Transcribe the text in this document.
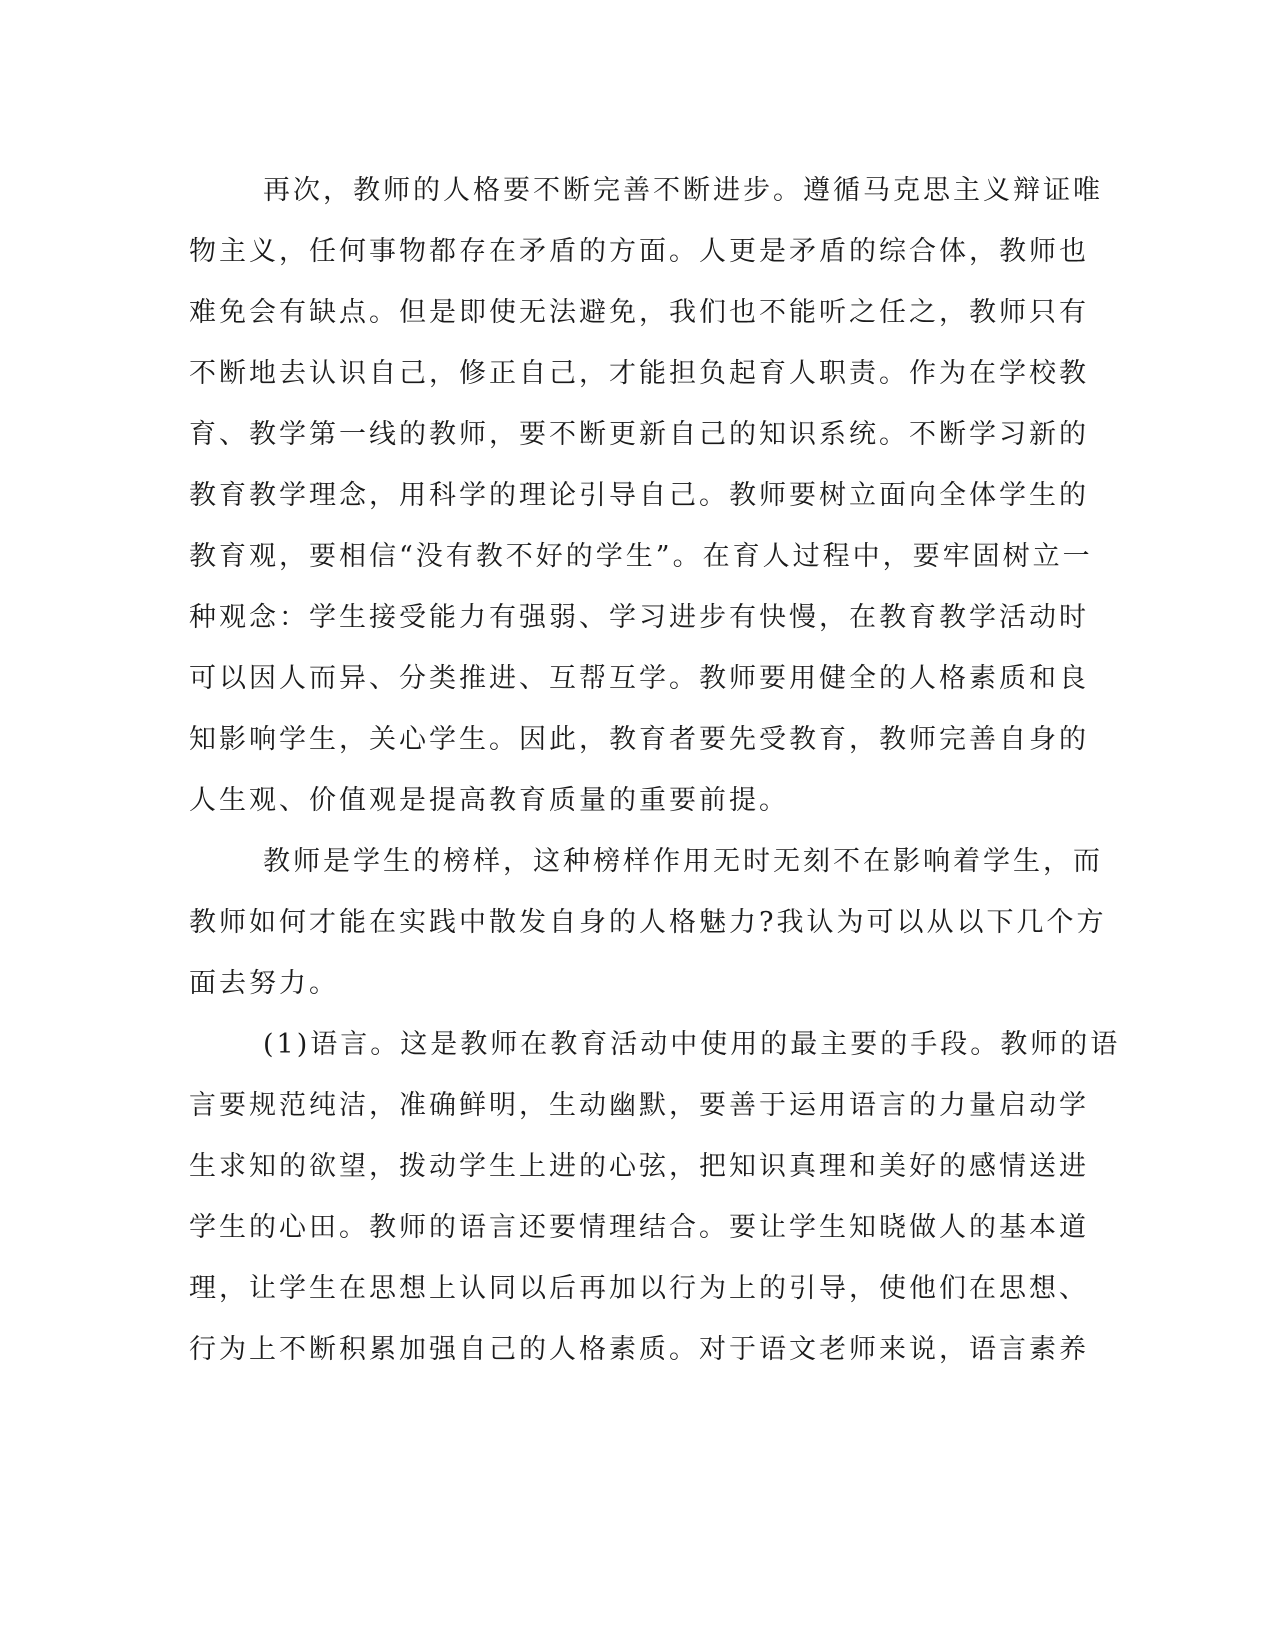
再次，教师的人格要不断完善不断进步。遵循马克思主义辩证唯
物主义，任何事物都存在矛盾的方面。人更是矛盾的综合体，教师也
难免会有缺点。但是即使无法避免，我们也不能听之任之，教师只有
不断地去认识自己，修正自己，才能担负起育人职责。作为在学校教
育、教学第一线的教师，要不断更新自己的知识系统。不断学习新的
教育教学理念，用科学的理论引导自己。教师要树立面向全体学生的
教育观，要相信“没有教不好的学生”。在育人过程中，要牢固树立一
种观念：学生接受能力有强弱、学习进步有快慢，在教育教学活动时
可以因人而异、分类推进、互帮互学。教师要用健全的人格素质和良
知影响学生，关心学生。因此，教育者要先受教育，教师完善自身的
人生观、价值观是提高教育质量的重要前提。
教师是学生的榜样，这种榜样作用无时无刻不在影响着学生，而
教师如何才能在实践中散发自身的人格魅力?我认为可以从以下几个方
面去努力。
(1)语言。这是教师在教育活动中使用的最主要的手段。教师的语
言要规范纯洁，准确鲜明，生动幽默，要善于运用语言的力量启动学
生求知的欲望，拨动学生上进的心弦，把知识真理和美好的感情送进
学生的心田。教师的语言还要情理结合。要让学生知晓做人的基本道
理，让学生在思想上认同以后再加以行为上的引导，使他们在思想、
行为上不断积累加强自己的人格素质。对于语文老师来说，语言素养
